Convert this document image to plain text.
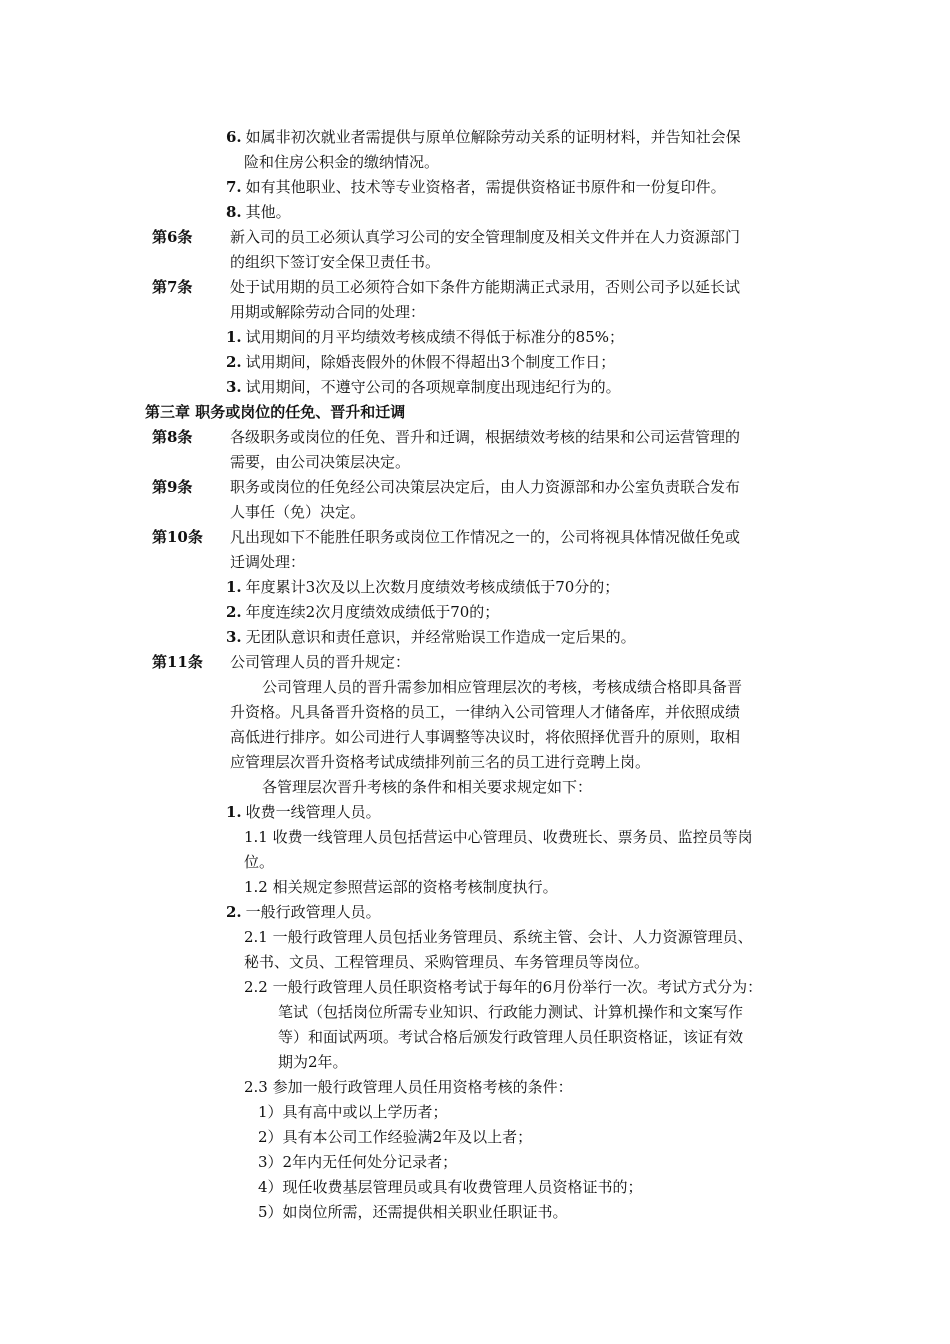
6. 如属非初次就业者需提供与原单位解除劳动关系的证明材料，并告知社会保
险和住房公积金的缴纳情况。
7. 如有其他职业、技术等专业资格者，需提供资格证书原件和一份复印件。
8. 其他。
第6条	新入司的员工必须认真学习公司的安全管理制度及相关文件并在人力资源部门
的组织下签订安全保卫责任书。
第7条	处于试用期的员工必须符合如下条件方能期满正式录用，否则公司予以延长试
用期或解除劳动合同的处理：
1. 试用期间的月平均绩效考核成绩不得低于标准分的85%；
2. 试用期间，除婚丧假外的休假不得超出3个制度工作日；
3. 试用期间，不遵守公司的各项规章制度出现违纪行为的。
第三章 职务或岗位的任免、晋升和迁调
第8条	各级职务或岗位的任免、晋升和迁调，根据绩效考核的结果和公司运营管理的
需要，由公司决策层决定。
第9条	职务或岗位的任免经公司决策层决定后，由人力资源部和办公室负责联合发布
人事任（免）决定。
第10条 凡出现如下不能胜任职务或岗位工作情况之一的，公司将视具体情况做任免或
迁调处理：
1. 年度累计3次及以上次数月度绩效考核成绩低于70分的；
2. 年度连续2次月度绩效成绩低于70的；
3. 无团队意识和责任意识，并经常贻误工作造成一定后果的。
第11条 公司管理人员的晋升规定：
公司管理人员的晋升需参加相应管理层次的考核，考核成绩合格即具备晋
升资格。凡具备晋升资格的员工，一律纳入公司管理人才储备库，并依照成绩
高低进行排序。如公司进行人事调整等决议时，将依照择优晋升的原则，取相
应管理层次晋升资格考试成绩排列前三名的员工进行竞聘上岗。
各管理层次晋升考核的条件和相关要求规定如下：
1. 收费一线管理人员。
1.1 收费一线管理人员包括营运中心管理员、收费班长、票务员、监控员等岗
位。
1.2 相关规定参照营运部的资格考核制度执行。
2. 一般行政管理人员。
2.1 一般行政管理人员包括业务管理员、系统主管、会计、人力资源管理员、
秘书、文员、工程管理员、采购管理员、车务管理员等岗位。
2.2 一般行政管理人员任职资格考试于每年的6月份举行一次。考试方式分为：
笔试（包括岗位所需专业知识、行政能力测试、计算机操作和文案写作
等）和面试两项。考试合格后颁发行政管理人员任职资格证，该证有效
期为2年。
2.3 参加一般行政管理人员任用资格考核的条件：
1）具有高中或以上学历者；
2）具有本公司工作经验满2年及以上者；
3）2年内无任何处分记录者；
4）现任收费基层管理员或具有收费管理人员资格证书的；
5）如岗位所需，还需提供相关职业任职证书。
